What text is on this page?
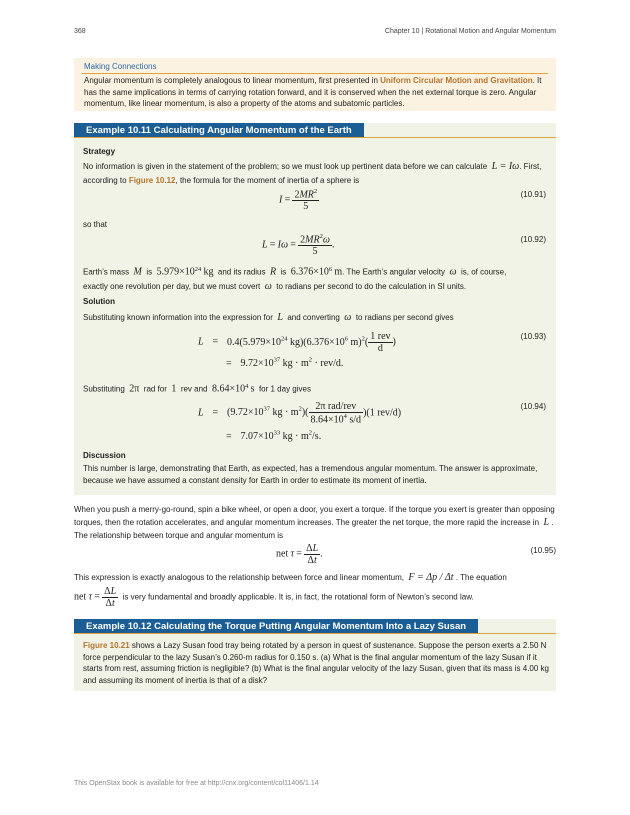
368	Chapter 10 | Rotational Motion and Angular Momentum
Making Connections
Angular momentum is completely analogous to linear momentum, first presented in Uniform Circular Motion and Gravitation. It has the same implications in terms of carrying rotation forward, and it is conserved when the net external torque is zero. Angular momentum, like linear momentum, is also a property of the atoms and subatomic particles.
Example 10.11 Calculating Angular Momentum of the Earth
Strategy
No information is given in the statement of the problem; so we must look up pertinent data before we can calculate L = Iω. First, according to Figure 10.12, the formula for the moment of inertia of a sphere is
$I = \frac{2MR^2}{5}$	(10.91)
so that
$L = I\omega = \frac{2MR^2\omega}{5}$ .	(10.92)
Earth’s mass M is $5.979\times 10^{24}$ kg and its radius R is $6.376\times 10^6$ m. The Earth’s angular velocity ω is, of course,
exactly one revolution per day, but we must covert ω to radians per second to do the calculation in SI units.
Solution
Substituting known information into the expression for L and converting ω to radians per second gives
$L = 0.4(5.979\times 10^{24}$ $kg)(6.376\times 10^6$ $m)^2( \frac{\text{1 rev}}{d}$ )
= $9.72\times 10^{37}$ kg · $m^2 \cdot rev/d$.
(10.93)
Substituting 2π rad for 1 rev and $8.64\times 10^4$ s for 1 day gives
$L = (9.72\times 10^{37}$ kg · $m^2)( \frac{\text{2π rad/rev}}{8.64\times 10^4 s/d} )(1$ rev/d)
= $7.07\times 10^{33}$ kg · $m^2/s$.
(10.94)
Discussion
This number is large, demonstrating that Earth, as expected, has a tremendous angular momentum. The answer is approximate, because we have assumed a constant density for Earth in order to estimate its moment of inertia.
When you push a merry-go-round, spin a bike wheel, or open a door, you exert a torque. If the torque you exert is greater than opposing torques, then the rotation accelerates, and angular momentum increases. The greater the net torque, the more rapid the increase in L . The relationship between torque and angular momentum is
net $\tau = \frac{\Delta L}{\Delta t}$ .	(10.95)
This expression is exactly analogous to the relationship between force and linear momentum, F = Δp / Δt . The equation
net $\tau = \frac{\Delta L}{\Delta t}$ is very fundamental and broadly applicable. It is, in fact, the rotational form of Newton’s second law.
Example 10.12 Calculating the Torque Putting Angular Momentum Into a Lazy Susan
Figure 10.21 shows a Lazy Susan food tray being rotated by a person in quest of sustenance. Suppose the person exerts a 2.50 N force perpendicular to the lazy Susan’s 0.260-m radius for 0.150 s. (a) What is the final angular momentum of the lazy Susan if it starts from rest, assuming friction is negligible? (b) What is the final angular velocity of the lazy Susan, given that its mass is 4.00 kg and assuming its moment of inertia is that of a disk?
This OpenStax book is available for free at http://cnx.org/content/col11406/1.14
